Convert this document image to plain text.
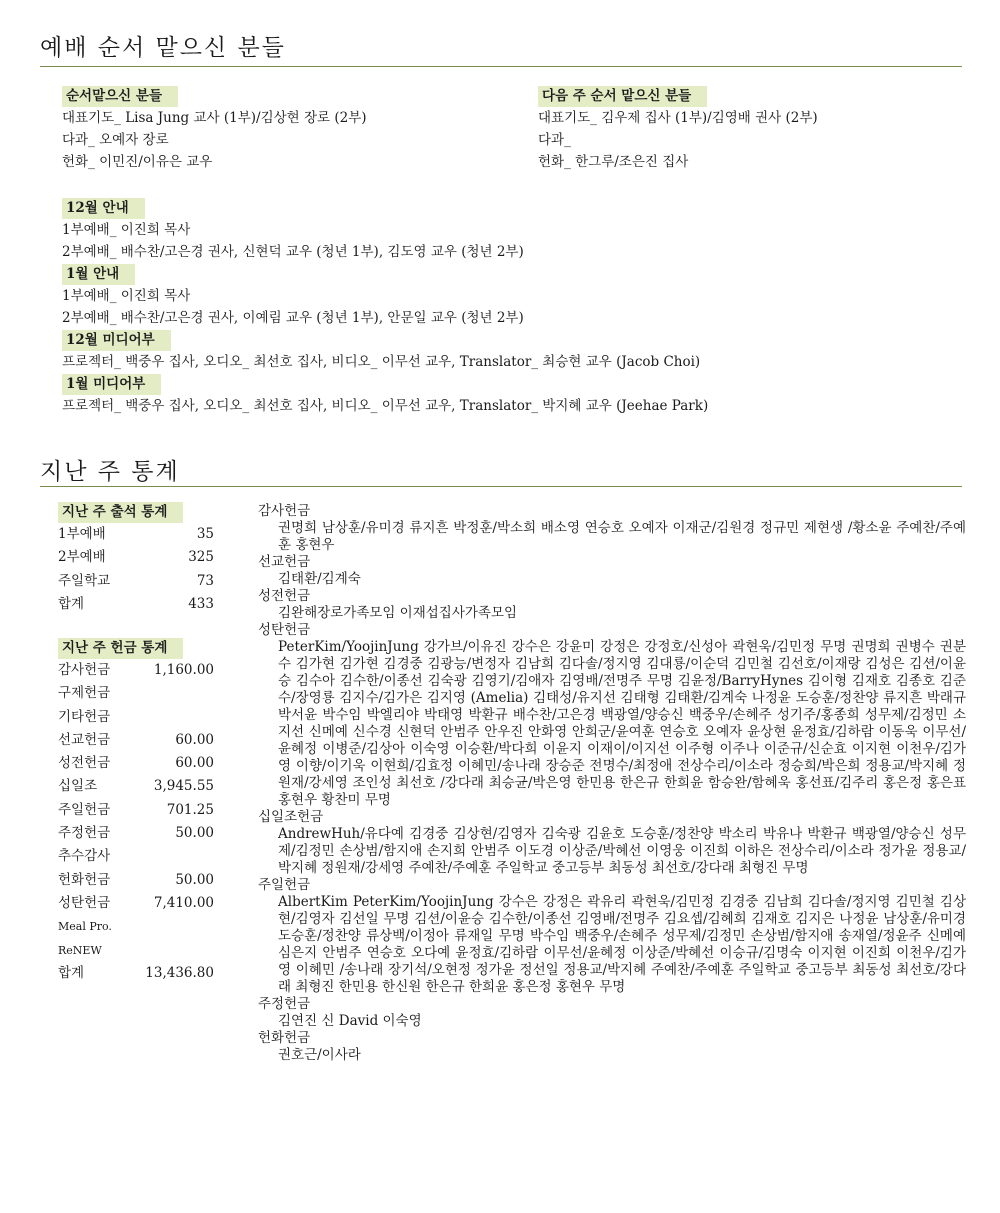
예배 순서 맡으신 분들
순서맡으신 분들
대표기도_ Lisa Jung 교사 (1부)/김상현 장로 (2부)
다과_ 오예자 장로
헌화_ 이민진/이유은 교우
다음 주 순서 맡으신 분들
대표기도_ 김우제 집사 (1부)/김영배 권사 (2부)
다과_
헌화_ 한그루/조은진 집사
12월 안내
1부예배_ 이진희 목사
2부예배_ 배수찬/고은경 권사, 신현덕 교우 (청년 1부), 김도영 교우 (청년 2부)
1월 안내
1부예배_ 이진희 목사
2부예배_ 배수찬/고은경 권사, 이예림 교우 (청년 1부), 안문일 교우 (청년 2부)
12월 미디어부
프로젝터_ 백중우 집사, 오디오_ 최선호 집사, 비디오_ 이무선 교우, Translator_ 최승현 교우 (Jacob Choi)
1월 미디어부
프로젝터_ 백중우 집사, 오디오_ 최선호 집사, 비디오_ 이무선 교우, Translator_ 박지혜 교우 (Jeehae Park)
지난 주 통계
지난 주 출석 통계
1부예배	35
2부예배	325
주일학교	73
합계	433
지난 주 헌금 통계
감사헌금	1,160.00
구제헌금
기타헌금
선교헌금	60.00
성전헌금	60.00
십일조	3,945.55
주일헌금	701.25
주정헌금	50.00
추수감사
헌화헌금	50.00
성탄헌금	7,410.00
Meal Pro.
ReNEW
합계	13,436.80
감사헌금
권명희 남상훈/유미경 류지흔 박정훈/박소희 배소영 연승호 오예자 이재군/김원경 정규민 제현생 /황소윤 주예찬/주예훈 홍현우
선교헌금
김태환/김계숙
성전헌금
김완해장로가족모임 이재섭집사가족모임
성탄헌금
PeterKim/YoojinJung 강가브/이유진 강수은 강윤미 강정은 강정호/신성아 곽현욱/김민정 무명 권명희 권병수 권분수 김가현 김가현 김경중 김광능/변정자 김남희 김다솔/정지영 김대룡/이순덕 김민철 김선호/이재랑 김성은 김션/이윤승 김수아 김수한/이종선 김숙광 김영기/김애자 김영배/전명주 무명 김윤정/BarryHynes 김이형 김재호 김종호 김준수/장영룡 김지수/김가은 김지영 (Amelia) 김태성/유지선 김태형 김태환/김계숙 나정윤 도승훈/정찬양 류지흔 박래규 박서윤 박수임 박엘리야 박태영 박환규 배수찬/고은경 백광열/양승신 백중우/손혜주 성기주/홍종희 성무제/김정민 소지선 신메예 신수경 신현덕 안범주 안우진 안화영 안희군/윤여훈 연승호 오예자 윤상현 윤정효/김하람 이동욱 이무선/윤혜정 이병준/김상아 이숙영 이승환/박다희 이윤지 이재이/이지선 이주형 이주나 이준규/신순효 이지현 이천우/김가영 이향/이기욱 이현희/김효정 이혜민/송나래 장승준 전명수/최정애 전상수리/이소라 정승희/박은희 정용교/박지혜 정원재/강세영 조인성 최선호 /강다래 최승균/박은영 한민용 한은규 한희윤 함승완/함혜욱 홍선표/김주리 홍은정 홍은표 홍현우 황찬미 무명
십일조헌금
AndrewHuh/유다예 김경중 김상현/김영자 김숙광 김윤호 도승훈/정찬양 박소리 박유나 박환규 백광열/양승신 성무제/김정민 손상범/함지애 손지희 안범주 이도경 이상준/박혜선 이영웅 이진희 이하은 전상수리/이소라 정가윤 정용교/박지혜 정원재/강세영 주예찬/주예훈 주일학교 중고등부 최동성 최선호/강다래 최형진 무명
주일헌금
AlbertKim PeterKim/YoojinJung 강수은 강정은 곽유리 곽현욱/김민정 김경중 김남희 김다솔/정지영 김민철 김상현/김영자 김선일 무명 김션/이윤승 김수한/이종선 김영배/전명주 김요셉/김혜희 김재호 김지은 나정윤 남상훈/유미경 도승훈/정찬양 류상백/이정아 류재일 무명 박수임 백중우/손혜주 성무제/김정민 손상범/함지애 송재열/정윤주 신메예 심은지 안범주 연승호 오다예 윤정효/김하람 이무선/윤혜정 이상준/박혜선 이승규/김명숙 이지현 이진희 이천우/김가영 이혜민 /송나래 장기석/오현정 정가윤 정선일 정용교/박지혜 주예찬/주예훈 주일학교 중고등부 최동성 최선호/강다래 최형진 한민용 한신원 한은규 한희윤 홍은정 홍현우 무명
주정헌금
김연진 신 David 이숙영
헌화헌금
권호근/이사라
